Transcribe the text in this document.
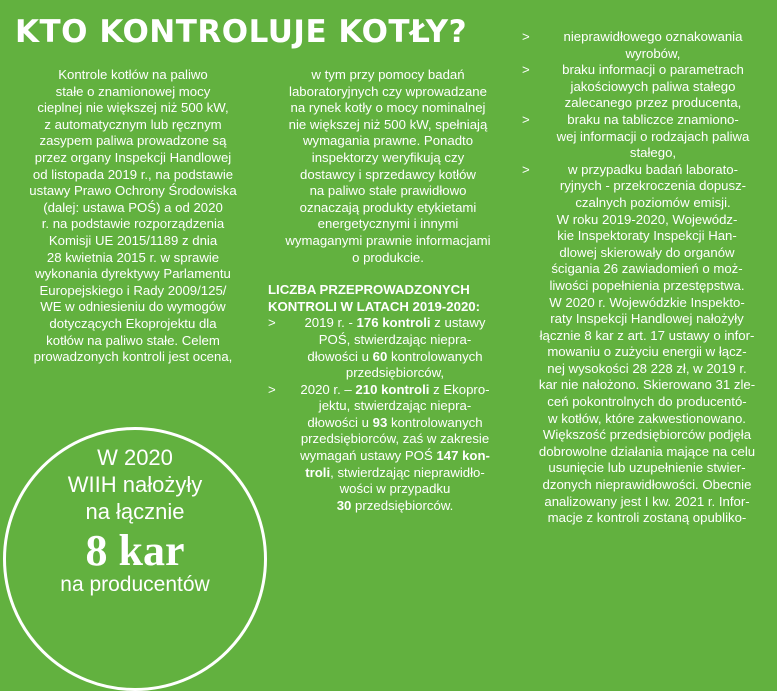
KTO KONTROLUJE KOTŁY?

Kontrole kotłów na paliwo
stałe o znamionowej mocy
cieplnej nie większej niż 500 kW,
z automatycznym lub ręcznym
zasypem paliwa prowadzone są
przez organy Inspekcji Handlowej
od listopada 2019 r., na podstawie
ustawy Prawo Ochrony Środowiska
(dalej: ustawa POŚ) a od 2020
r. na podstawie rozporządzenia
Komisji UE 2015/1189 z dnia
28 kwietnia 2015 r. w sprawie
wykonania dyrektywy Parlamentu
Europejskiego i Rady 2009/125/
WE w odniesieniu do wymogów
dotyczących Ekoprojektu dla
kotłów na paliwo stałe. Celem
prowadzonych kontroli jest ocena,

W 2020
WIIH nałożyły
na łącznie
8 kar
na producentów

w tym przy pomocy badań
laboratoryjnych czy wprowadzane
na rynek kotły o mocy nominalnej
nie większej niż 500 kW, spełniają
wymagania prawne. Ponadto
inspektorzy weryfikują czy
dostawcy i sprzedawcy kotłów
na paliwo stałe prawidłowo
oznaczają produkty etykietami
energetycznymi i innymi
wymaganymi prawnie informacjami
o produkcie.

LICZBA PRZEPROWADZONYCH
KONTROLI W LATACH 2019-2020:

> 2019 r. - 176 kontroli z ustawy
POŚ, stwierdzając niepra-
dłowości u 60 kontrolowanych
przedsiębiorców,
> 2020 r. – 210 kontroli z Ekopro-
jektu, stwierdzając niepra-
dłowości u 93 kontrolowanych
przedsiębiorców, zaś w zakresie
wymagań ustawy POŚ 147 kon-
troli, stwierdzając nieprawidło-
wości w przypadku
30 przedsiębiorców.
> nieprawidłowego oznakowania
wyrobów,
> braku informacji o parametrach
jakościowych paliwa stałego
zalecanego przez producenta,
> braku na tabliczce znamiono-
wej informacji o rodzajach paliwa
stałego,
> w przypadku badań laborato-
ryjnych - przekroczenia dopusz-
czalnych poziomów emisji.

W roku 2019-2020, Wojewódz-
kie Inspektoraty Inspekcji Han-
dlowej skierowały do organów
ścigania 26 zawiadomień o moż-
liwości popełnienia przestępstwa.
W 2020 r. Wojewódzkie Inspekto-
raty Inspekcji Handlowej nałożyły
łącznie 8 kar z art. 17 ustawy o infor-
mowaniu o zużyciu energii w łącz-
nej wysokości 28 228 zł, w 2019 r.
kar nie nałożono. Skierowano 31 zle-
ceń pokontrolnych do producentó-
w kotłów, które zakwestionowano.
Większość przedsiębiorców podjęła
dobrowolne działania mające na celu
usunięcie lub uzupełnienie stwier-
dzonych nieprawidłowości. Obecnie
analizowany jest I kw. 2021 r. Infor-
macje z kontroli zostaną opubliko-
